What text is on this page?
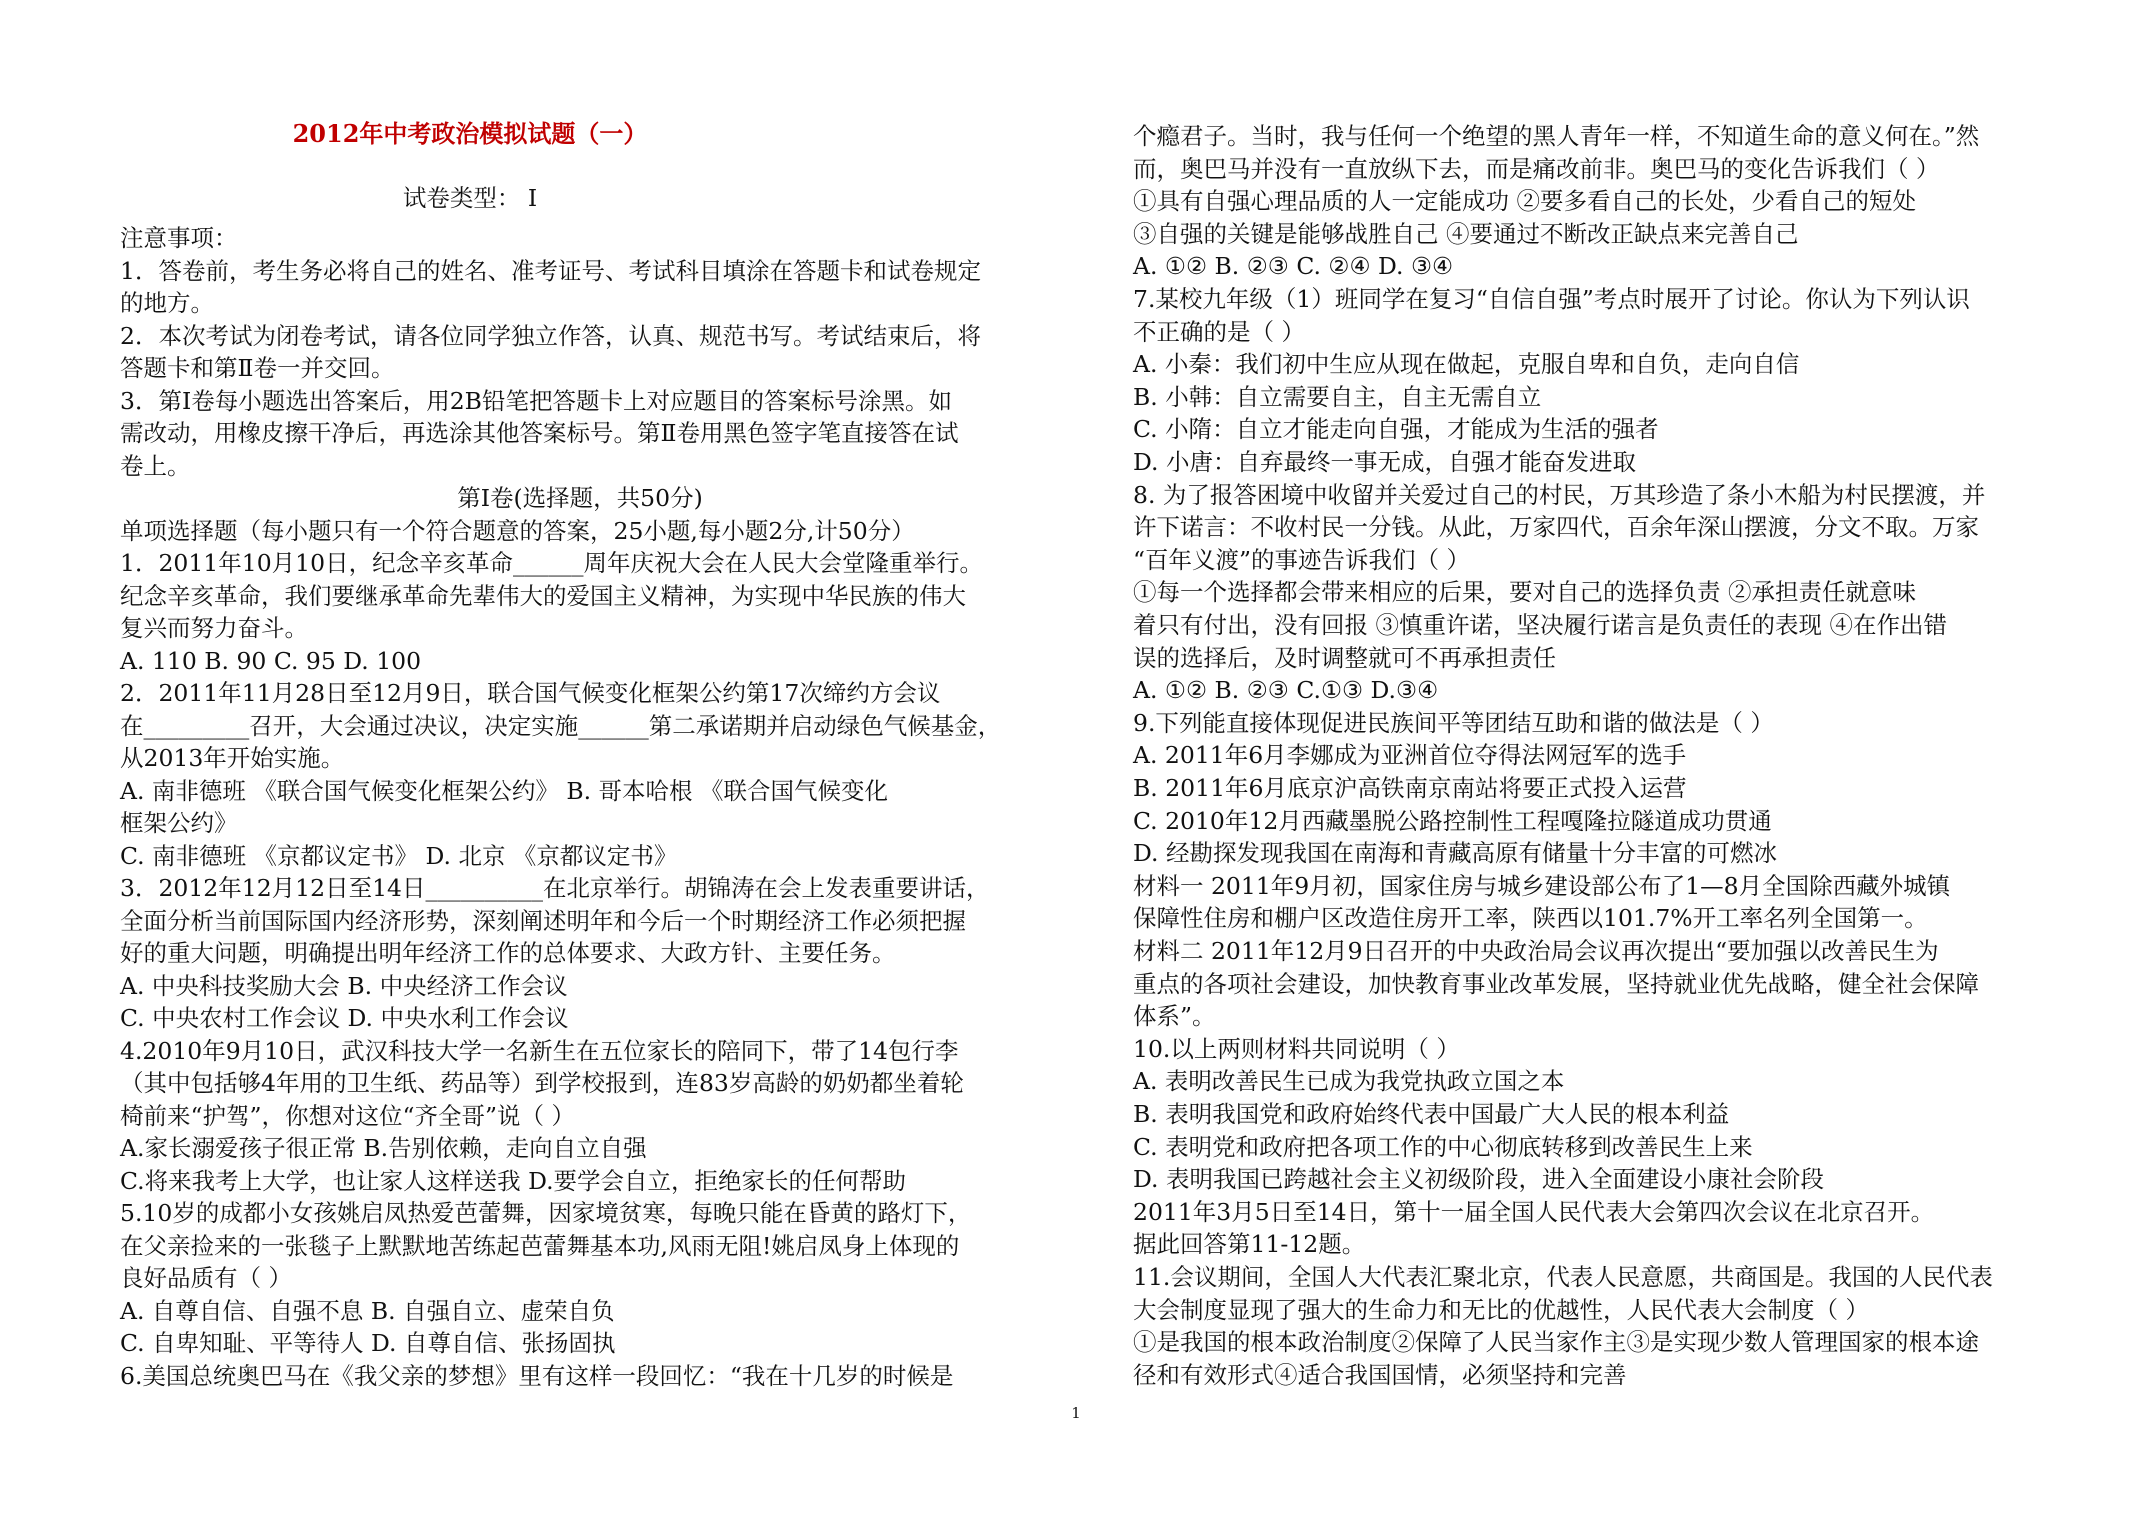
2012年中考政治模拟试题（一）
试卷类型： Ⅰ
注意事项：
1．答卷前，考生务必将自己的姓名、准考证号、考试科目填涂在答题卡和试卷规定
的地方。
2．本次考试为闭卷考试，请各位同学独立作答，认真、规范书写。考试结束后，将
答题卡和第Ⅱ卷一并交回。
3．第Ⅰ卷每小题选出答案后，用2B铅笔把答题卡上对应题目的答案标号涂黑。如
需改动，用橡皮擦干净后，再选涂其他答案标号。第Ⅱ卷用黑色签字笔直接答在试
卷上。
第Ⅰ卷(选择题，共50分)
单项选择题（每小题只有一个符合题意的答案，25小题,每小题2分,计50分）
1．2011年10月10日，纪念辛亥革命______周年庆祝大会在人民大会堂隆重举行。
纪念辛亥革命，我们要继承革命先辈伟大的爱国主义精神，为实现中华民族的伟大
复兴而努力奋斗。
A. 110 B. 90 C. 95 D. 100
2．2011年11月28日至12月9日，联合国气候变化框架公约第17次缔约方会议
在_________召开，大会通过决议，决定实施______第二承诺期并启动绿色气候基金，
从2013年开始实施。
A. 南非德班 《联合国气候变化框架公约》 B. 哥本哈根 《联合国气候变化
框架公约》
C. 南非德班 《京都议定书》 D. 北京 《京都议定书》
3．2012年12月12日至14日__________在北京举行。胡锦涛在会上发表重要讲话，
全面分析当前国际国内经济形势，深刻阐述明年和今后一个时期经济工作必须把握
好的重大问题，明确提出明年经济工作的总体要求、大政方针、主要任务。
A. 中央科技奖励大会 B. 中央经济工作会议
C. 中央农村工作会议 D. 中央水利工作会议
4.2010年9月10日，武汉科技大学一名新生在五位家长的陪同下，带了14包行李
（其中包括够4年用的卫生纸、药品等）到学校报到，连83岁高龄的奶奶都坐着轮
椅前来“护驾”，你想对这位“齐全哥”说（ ）
A.家长溺爱孩子很正常 B.告别依赖，走向自立自强
C.将来我考上大学，也让家人这样送我 D.要学会自立，拒绝家长的任何帮助
5.10岁的成都小女孩姚启凤热爱芭蕾舞，因家境贫寒，每晚只能在昏黄的路灯下，
在父亲捡来的一张毯子上默默地苦练起芭蕾舞基本功,风雨无阻!姚启凤身上体现的
良好品质有（ ）
A. 自尊自信、自强不息 B. 自强自立、虚荣自负
C. 自卑知耻、平等待人 D. 自尊自信、张扬固执
6.美国总统奥巴马在《我父亲的梦想》里有这样一段回忆：“我在十几岁的时候是
个瘾君子。当时，我与任何一个绝望的黑人青年一样，不知道生命的意义何在。”然
而，奥巴马并没有一直放纵下去，而是痛改前非。奥巴马的变化告诉我们（ ）
①具有自强心理品质的人一定能成功 ②要多看自己的长处，少看自己的短处
③自强的关键是能够战胜自己 ④要通过不断改正缺点来完善自己
A. ①② B. ②③ C. ②④ D. ③④
7.某校九年级（1）班同学在复习“自信自强”考点时展开了讨论。你认为下列认识
不正确的是（ ）
A. 小秦：我们初中生应从现在做起，克服自卑和自负，走向自信
B. 小韩：自立需要自主，自主无需自立
C. 小隋：自立才能走向自强，才能成为生活的强者
D. 小唐：自弃最终一事无成，自强才能奋发进取
8. 为了报答困境中收留并关爱过自己的村民，万其珍造了条小木船为村民摆渡，并
许下诺言：不收村民一分钱。从此，万家四代，百余年深山摆渡，分文不取。万家
“百年义渡”的事迹告诉我们（ ）
①每一个选择都会带来相应的后果，要对自己的选择负责 ②承担责任就意味
着只有付出，没有回报 ③慎重许诺，坚决履行诺言是负责任的表现 ④在作出错
误的选择后，及时调整就可不再承担责任
A. ①② B. ②③ C.①③ D.③④
9.下列能直接体现促进民族间平等团结互助和谐的做法是（ ）
A. 2011年6月李娜成为亚洲首位夺得法网冠军的选手
B. 2011年6月底京沪高铁南京南站将要正式投入运营
C. 2010年12月西藏墨脱公路控制性工程嘎隆拉隧道成功贯通
D. 经勘探发现我国在南海和青藏高原有储量十分丰富的可燃冰
材料一 2011年9月初，国家住房与城乡建设部公布了1—8月全国除西藏外城镇
保障性住房和棚户区改造住房开工率，陕西以101.7%开工率名列全国第一。
材料二 2011年12月9日召开的中央政治局会议再次提出“要加强以改善民生为
重点的各项社会建设，加快教育事业改革发展，坚持就业优先战略，健全社会保障
体系”。
10.以上两则材料共同说明（ ）
A. 表明改善民生已成为我党执政立国之本
B. 表明我国党和政府始终代表中国最广大人民的根本利益
C. 表明党和政府把各项工作的中心彻底转移到改善民生上来
D. 表明我国已跨越社会主义初级阶段，进入全面建设小康社会阶段
2011年3月5日至14日，第十一届全国人民代表大会第四次会议在北京召开。
据此回答第11-12题。
11.会议期间，全国人大代表汇聚北京，代表人民意愿，共商国是。我国的人民代表
大会制度显现了强大的生命力和无比的优越性，人民代表大会制度（ ）
①是我国的根本政治制度②保障了人民当家作主③是实现少数人管理国家的根本途
径和有效形式④适合我国国情，必须坚持和完善
1
